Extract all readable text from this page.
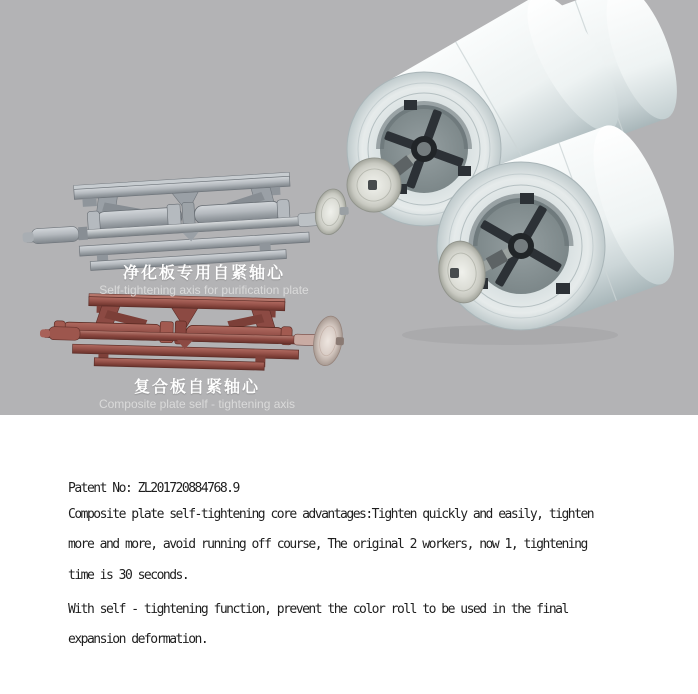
净化板专用自紧轴心
Self-tightening axis for purification plate
复合板自紧轴心
Composite plate self - tightening axis
Patent No: ZL201720884768.9
Composite plate self-tightening core advantages:Tighten quickly and easily, tighten
more and more, avoid running off course, The original 2 workers, now 1, tightening
time is 30 seconds.
With self - tightening function, prevent the color roll to be used in the final
expansion deformation.
